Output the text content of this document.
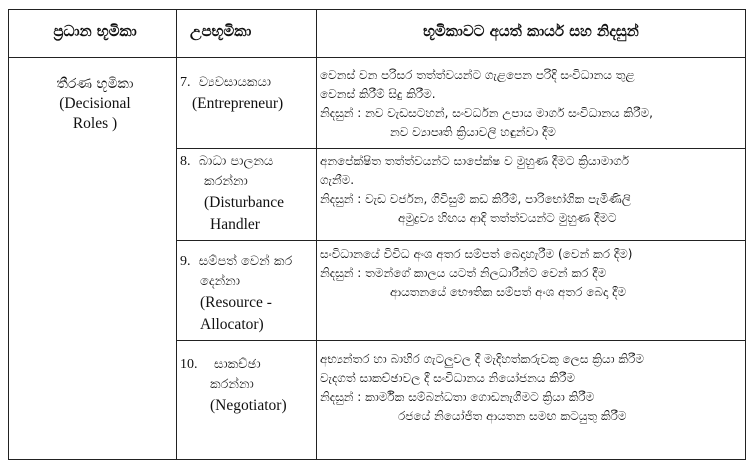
ප්‍රධාන භූමිකා	උපභූමිකා	භූමිකාවට අයත් කාර්ය සහ නිදසුන්
තීරණ භූමිකා
(Decisional
Roles )
7. ව්‍යවසායකයා
(Entrepreneur)
වෙනස් වන පරිසර තත්ත්වයන්ට ගැළපෙන පරිදි සංවිධානය තුළ
වෙනස් කිරීම් සිදු කිරීම.
නිදසුන් : නව වැඩසටහන්, සංවර්ධන උපාය මාර්ග සංවිධානය කිරීම,
නව ව්‍යාපෘති ක්‍රියාවලි හඳුන්වා දීම
8. බාධා පාලනය
කරන්නා
(Disturbance
Handler
අනපේක්ෂිත තත්ත්වයන්ට සාපේක්ෂ ව මුහුණ දීමට ක්‍රියාමාර්ග
ගැනීම.
නිදසුන් : වැඩ වර්ජන, ගිවිසුම් කඩ කිරීම්, පාරිභෝගික පැමිණිලි
අමුද්‍රව්‍ය හිඟය ආදි තත්ත්වයන්ට මුහුණ දීමට
9. සම්පත් වෙන් කර
දෙන්නා
(Resource -
Allocator)
සංවිධානයේ විවිධ අංශ අතර සම්පත් බෙදාහැරීම (වෙන් කර දීම)
නිදසුන් : තමන්ගේ කාලය යටත් නිලධාරීන්ට වෙන් කර දීම
ආයතනයේ භෞතික සම්පත් අංශ අතර බෙදා දීම
10. සාකච්ඡා
කරන්නා
(Negotiator)
අභ්‍යන්තර හා බාහිර ගැටලුවල දී මැදිහත්කරුවකු ලෙස ක්‍රියා කිරීම
වැදගත් සාකච්ඡාවල දී සංවිධානය නියෝජනය කිරීම
නිදසුන් : කාර්මික සම්බන්ධතා ගොඩනැගීමට ක්‍රියා කිරීම
රජයේ නියෝජිත ආයතන සමඟ කටයුතු කිරීම
